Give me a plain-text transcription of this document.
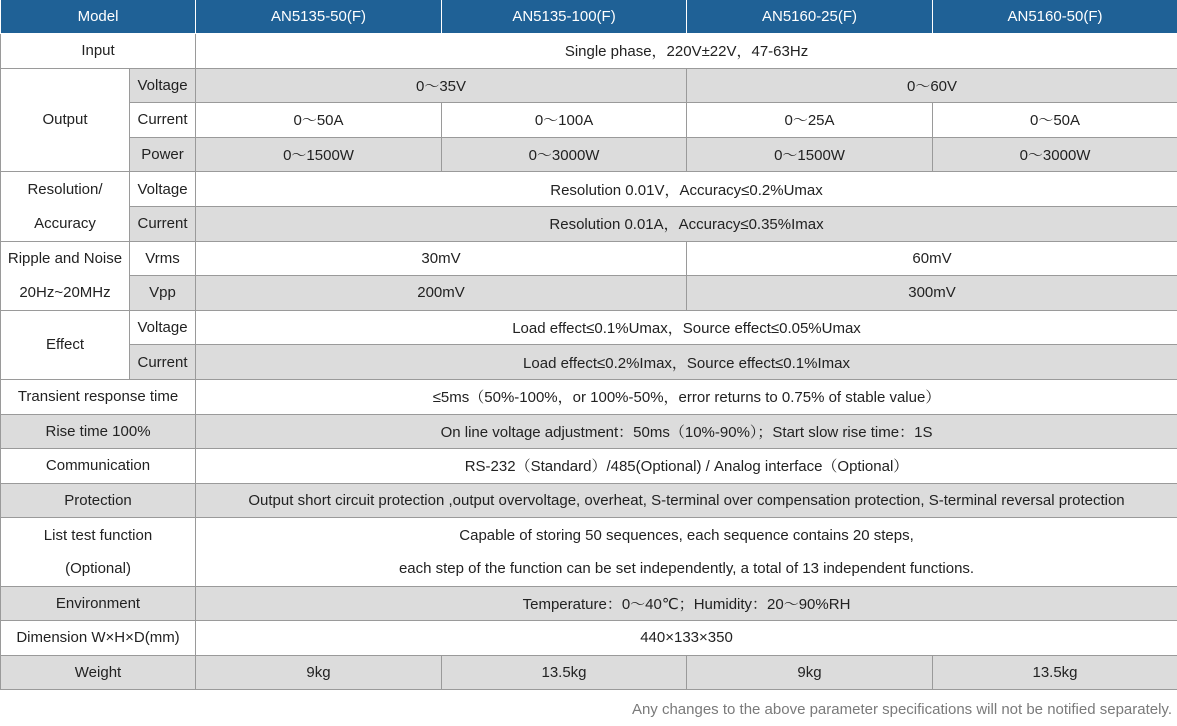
Model		AN5135-50(F)	AN5135-100(F)	AN5160-25(F)	AN5160-50(F)
Input		Single phase，220V±22V，47-63Hz			
Output	Voltage	0～35V		0～60V	
	Current	0～50A	0～100A	0～25A	0～50A
	Power	0～1500W	0～3000W	0～1500W	0～3000W
Resolution/	Voltage	Resolution 0.01V，Accuracy≤0.2%Umax			
Accuracy	Current	Resolution 0.01A，Accuracy≤0.35%Imax			
Ripple and Noise	Vrms	30mV		60mV	
20Hz~20MHz	Vpp	200mV		300mV	
Effect	Voltage	Load effect≤0.1%Umax，Source effect≤0.05%Umax			
	Current	Load effect≤0.2%Imax，Source effect≤0.1%Imax			
Transient response time		≤5ms（50%-100%，or 100%-50%，error returns to 0.75% of stable value）			
Rise time 100%		On line voltage adjustment：50ms（10%-90%）；Start slow rise time：1S			
Communication		RS-232（Standard）/485(Optional) / Analog interface（Optional）			
Protection		Output short circuit protection ,output overvoltage, overheat, S-terminal over compensation protection, S-terminal reversal protection			
List test function		Capable of storing 50 sequences, each sequence contains 20 steps,			
(Optional)		each step of the function can be set independently, a total of 13 independent functions.			
Environment		Temperature：0～40℃；Humidity：20～90%RH			
Dimension W×H×D(mm)		440×133×350			
Weight		9kg	13.5kg	9kg	13.5kg
Any changes to the above parameter specifications will not be notified separately.
